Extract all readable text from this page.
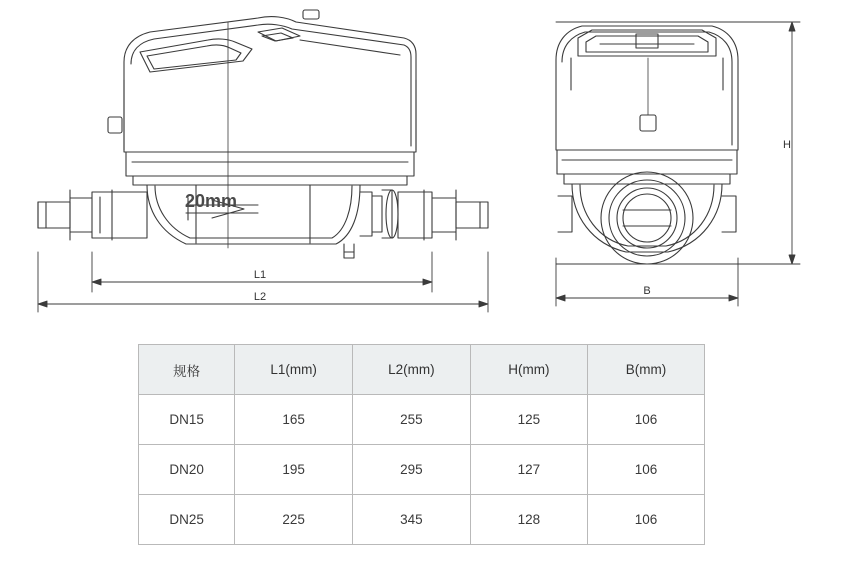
20mm
L1
L2
H
B
规格	L1(mm)	L2(mm)	H(mm)	B(mm)
DN15	165	255	125	106
DN20	195	295	127	106
DN25	225	345	128	106
